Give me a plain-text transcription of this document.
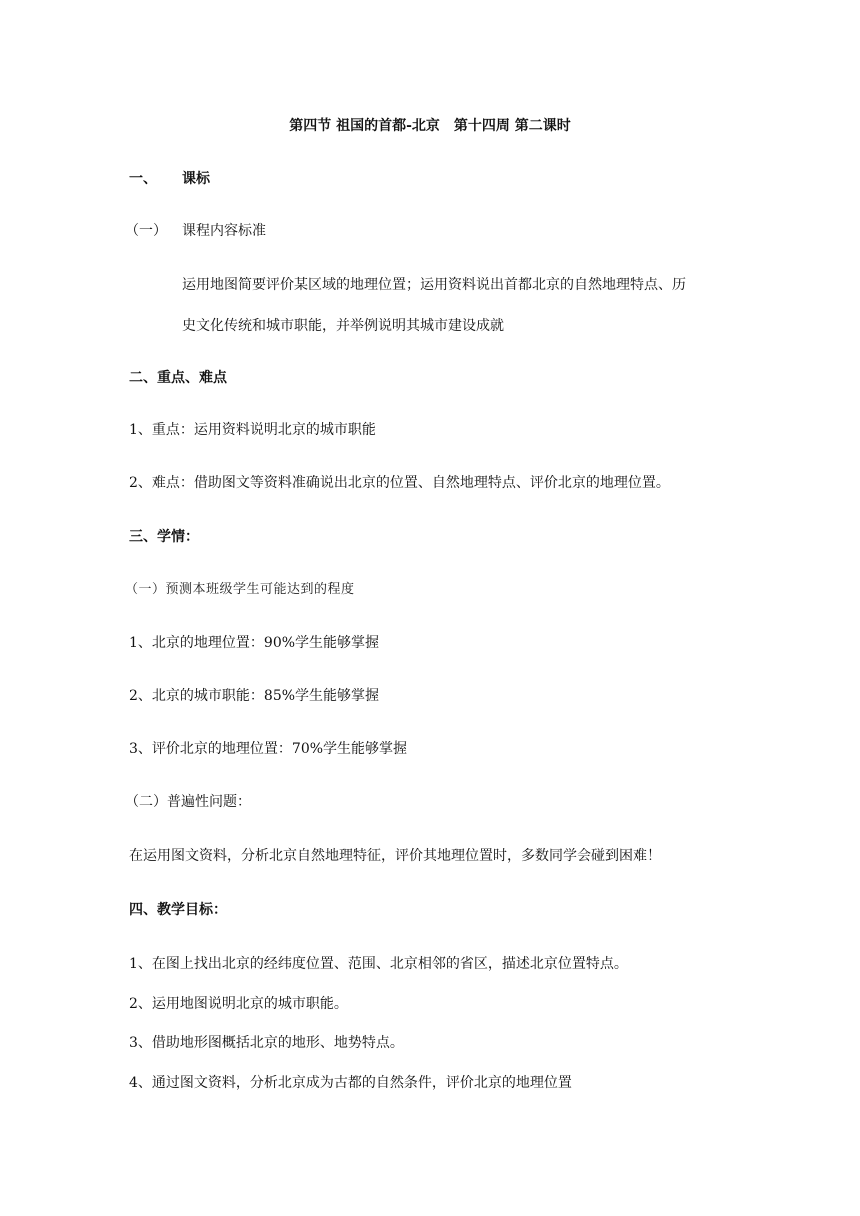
第四节 祖国的首都-北京　第十四周 第二课时
一、 课标
（一） 课程内容标准
运用地图简要评价某区域的地理位置；运用资料说出首都北京的自然地理特点、历
史文化传统和城市职能，并举例说明其城市建设成就
二、重点、难点
1、重点：运用资料说明北京的城市职能
2、难点：借助图文等资料准确说出北京的位置、自然地理特点、评价北京的地理位置。
三、学情：
（一）预测本班级学生可能达到的程度
1、北京的地理位置：90%学生能够掌握
2、北京的城市职能：85%学生能够掌握
3、评价北京的地理位置：70%学生能够掌握
（二）普遍性问题：
在运用图文资料，分析北京自然地理特征，评价其地理位置时，多数同学会碰到困难！
四、教学目标：
1、在图上找出北京的经纬度位置、范围、北京相邻的省区，描述北京位置特点。
2、运用地图说明北京的城市职能。
3、借助地形图概括北京的地形、地势特点。
4、通过图文资料，分析北京成为古都的自然条件，评价北京的地理位置
